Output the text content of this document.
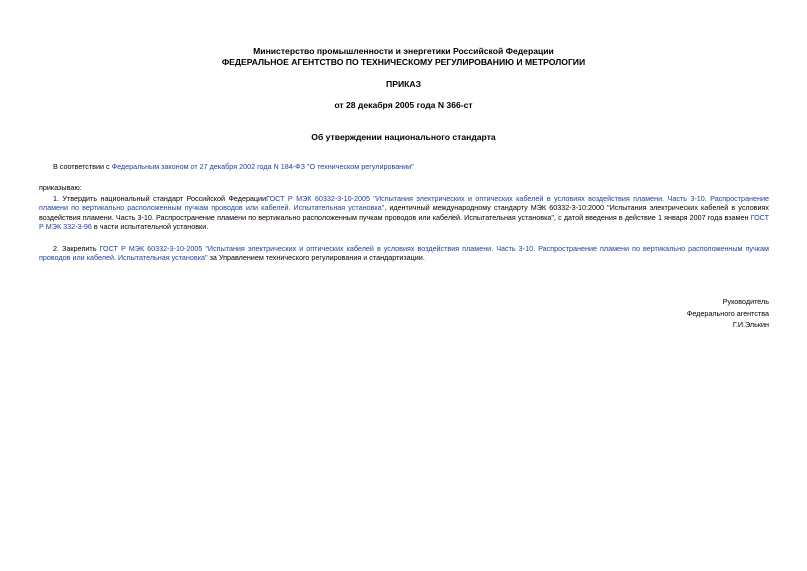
Министерство промышленности и энергетики Российской Федерации
ФЕДЕРАЛЬНОЕ АГЕНТСТВО ПО ТЕХНИЧЕСКОМУ РЕГУЛИРОВАНИЮ И МЕТРОЛОГИИ
ПРИКАЗ
от 28 декабря 2005 года N 366-ст
Об утверждении национального стандарта
В соответствии с Федеральным законом от 27 декабря 2002 года N 184-ФЗ "О техническом регулировании"
приказываю:
1. Утвердить национальный стандарт Российской ФедерацииГОСТ Р МЭК 60332-3-10-2005 "Испытания электрических и оптических кабелей в условиях воздействия пламени. Часть 3-10. Распространение пламени по вертикально расположенным пучкам проводов или кабелей. Испытательная установка", идентичный международному стандарту МЭК 60332-3-10:2000 "Испытания электрических кабелей в условиях воздействия пламени. Часть 3-10. Распространение пламени по вертикально расположенным пучкам проводов или кабелей. Испытательная установка", с датой введения в действие 1 января 2007 года взамен ГОСТ Р МЭК 332-3-96 в части испытательной установки.
2. Закрепить ГОСТ Р МЭК 60332-3-10-2005 "Испытания электрических и оптических кабелей в условиях воздействия пламени. Часть 3-10. Распространение пламени по вертикально расположенным пучкам проводов или кабелей. Испытательная установка" за Управлением технического регулирования и стандартизации.
Руководитель
Федерального агентства
Г.И.Элькин
